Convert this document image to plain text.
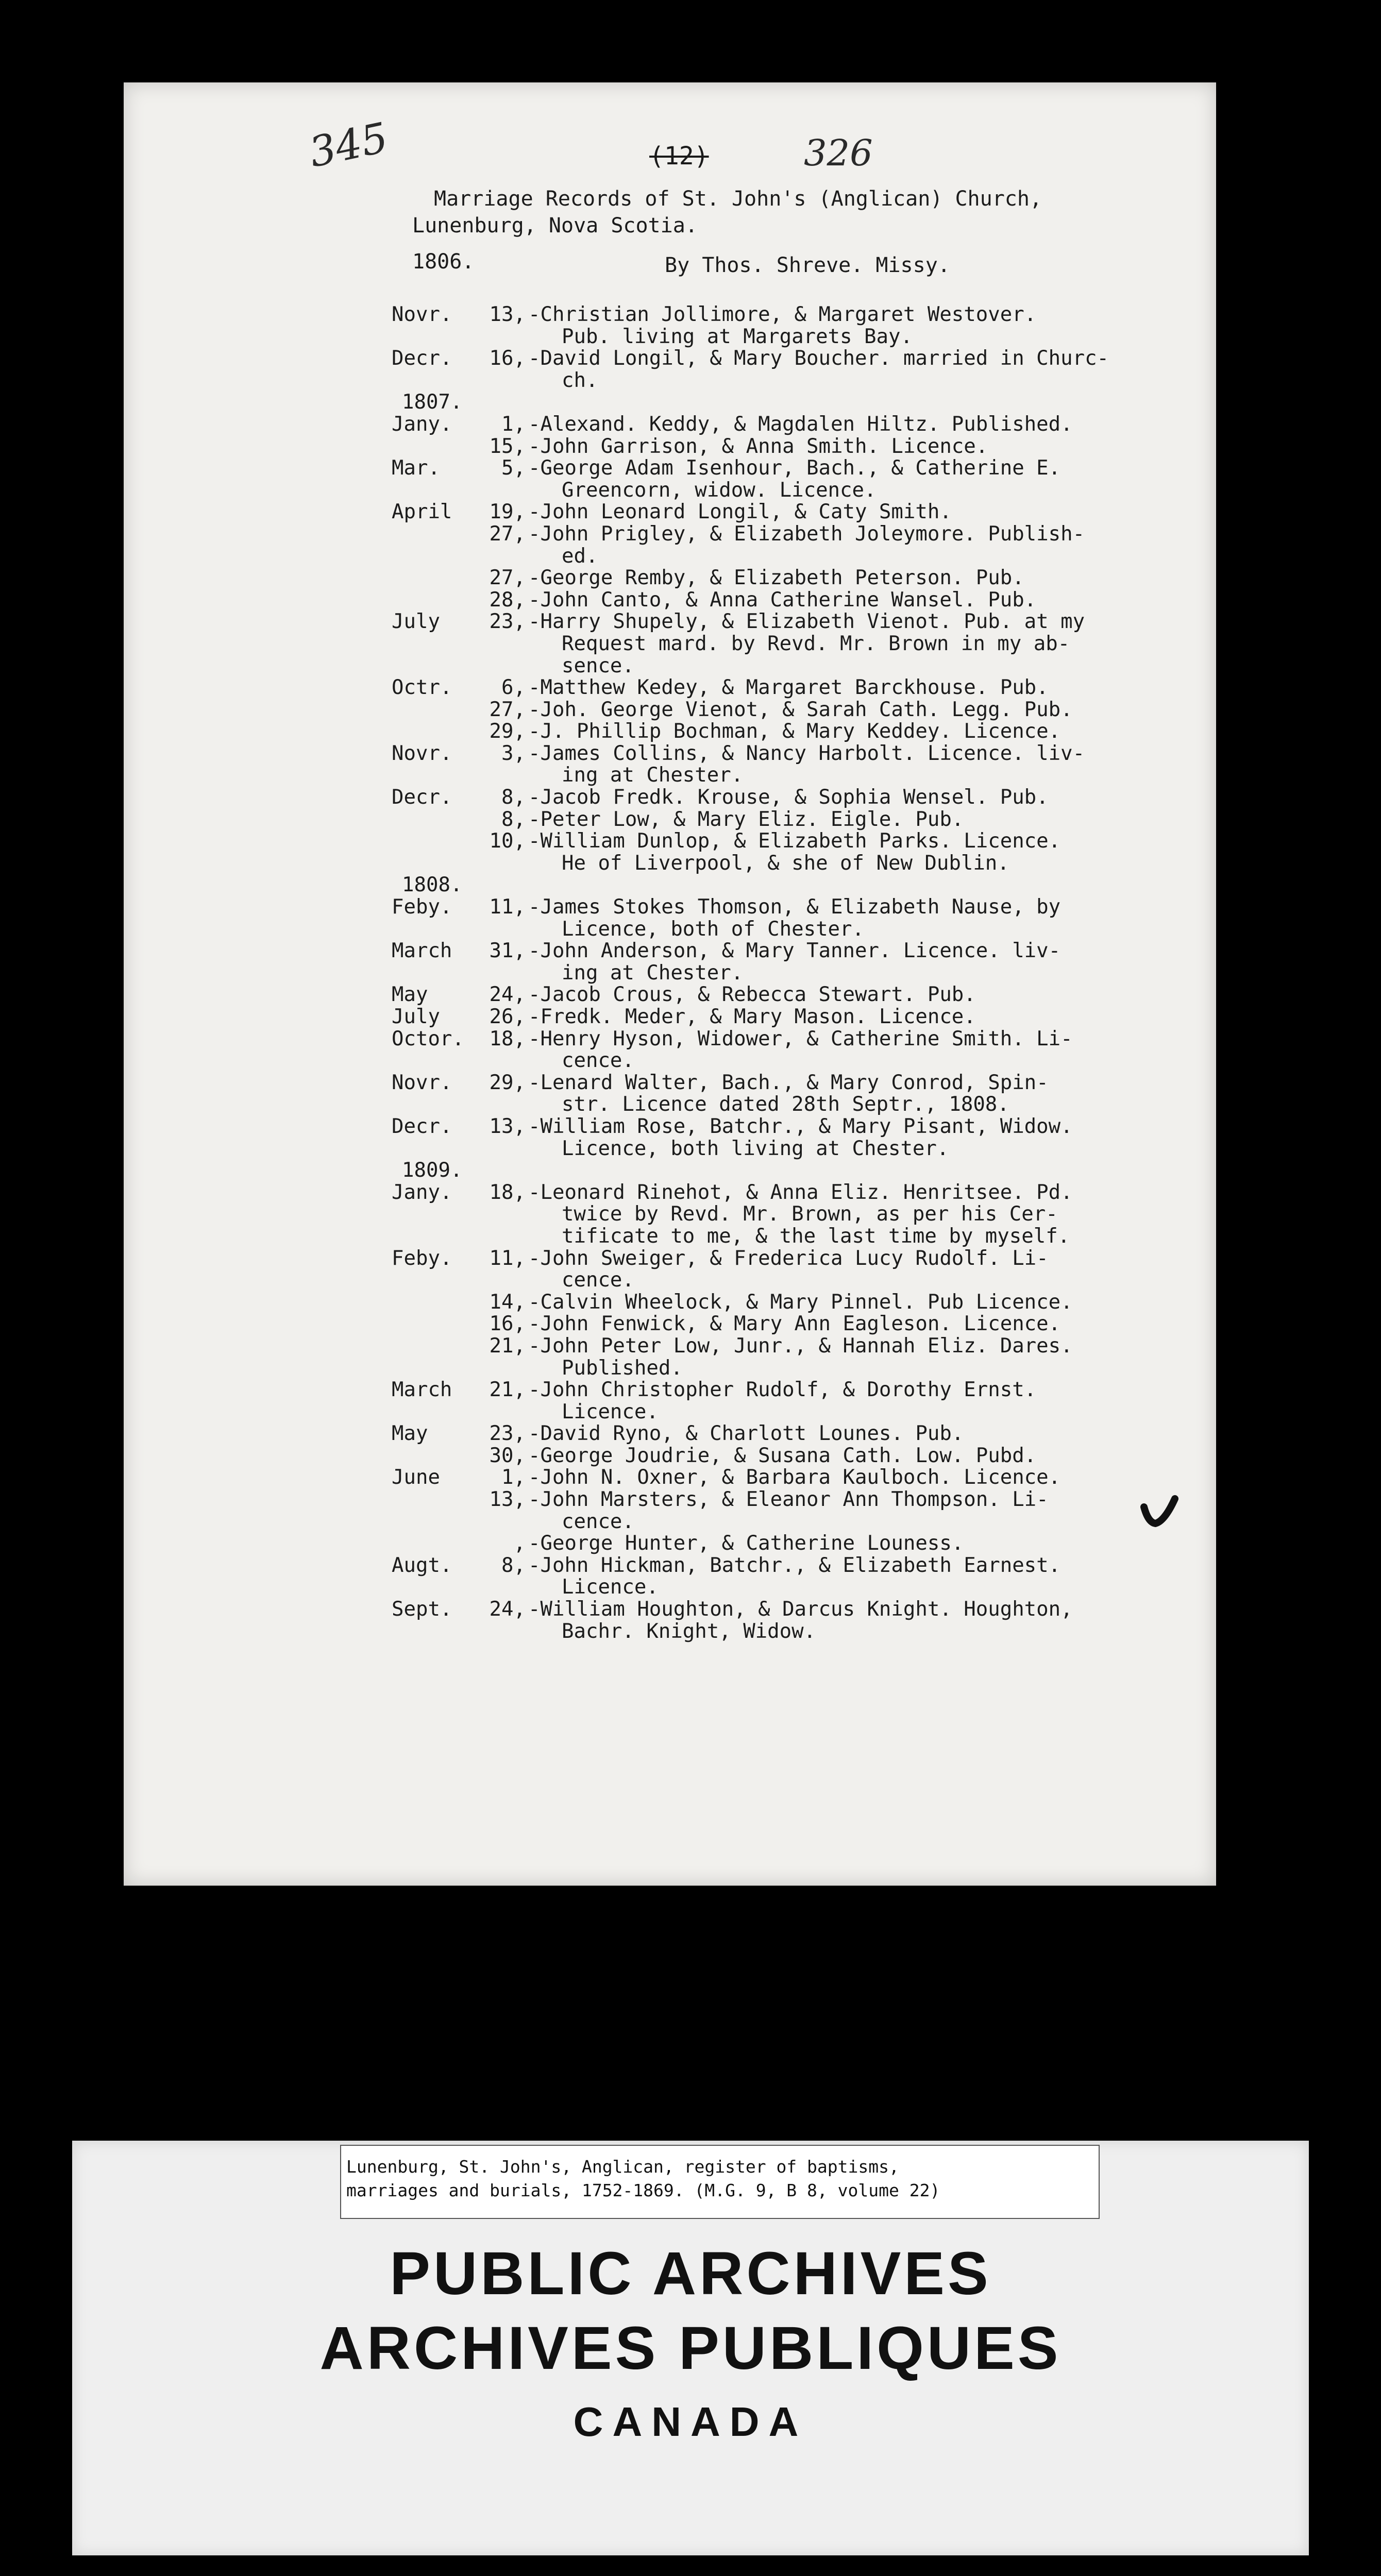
345	(12)	326
Marriage Records of St. John's (Anglican) Church,
Lunenburg, Nova Scotia.
1806.	By Thos. Shreve. Missy.
Novr. 13, -Christian Jollimore, & Margaret Westover.
Pub. living at Margarets Bay.
Decr. 16, -David Longil, & Mary Boucher. married in Churc-
ch.
1807.
Jany.	1, -Alexand. Keddy, & Magdalen Hiltz. Published.
15, -John Garrison, & Anna Smith. Licence.
Mar.	5, -George Adam Isenhour, Bach., & Catherine E.
Greencorn, widow. Licence.
April 19, -John Leonard Longil, & Caty Smith.
27, -John Prigley, & Elizabeth Joleymore. Publish-
ed.
27, -George Remby, & Elizabeth Peterson. Pub.
28, -John Canto, & Anna Catherine Wansel. Pub.
July 23, -Harry Shupely, & Elizabeth Vienot. Pub. at my
Request mard. by Revd. Mr. Brown in my ab-
sence.
Octr.	6, -Matthew Kedey, & Margaret Barckhouse. Pub.
27, -Joh. George Vienot, & Sarah Cath. Legg. Pub.
29, -J. Phillip Bochman, & Mary Keddey. Licence.
Novr.	3, -James Collins, & Nancy Harbolt. Licence. liv-
ing at Chester.
Decr.	8, -Jacob Fredk. Krouse, & Sophia Wensel. Pub.
8, -Peter Low, & Mary Eliz. Eigle. Pub.
10, -William Dunlop, & Elizabeth Parks. Licence.
He of Liverpool, & she of New Dublin.
1808.
Feby. 11, -James Stokes Thomson, & Elizabeth Nause, by
Licence, both of Chester.
March 31, -John Anderson, & Mary Tanner. Licence. liv-
ing at Chester.
May	24, -Jacob Crous, & Rebecca Stewart. Pub.
July 26, -Fredk. Meder, & Mary Mason. Licence.
Octor. 18, -Henry Hyson, Widower, & Catherine Smith. Li-
cence.
Novr. 29, -Lenard Walter, Bach., & Mary Conrod, Spin-
str. Licence dated 28th Septr., 1808.
Decr. 13, -William Rose, Batchr., & Mary Pisant, Widow.
Licence, both living at Chester.
1809.
Jany. 18, -Leonard Rinehot, & Anna Eliz. Henritsee. Pd.
twice by Revd. Mr. Brown, as per his Cer-
tificate to me, & the last time by myself.
Feby. 11, -John Sweiger, & Frederica Lucy Rudolf. Li-
cence.
14, -Calvin Wheelock, & Mary Pinnel. Pub Licence.
16, -John Fenwick, & Mary Ann Eagleson. Licence.
21, -John Peter Low, Junr., & Hannah Eliz. Dares.
Published.
March 21, -John Christopher Rudolf, & Dorothy Ernst.
Licence.
May	23, -David Ryno, & Charlott Lounes. Pub.
30, -George Joudrie, & Susana Cath. Low. Pubd.
June	1, -John N. Oxner, & Barbara Kaulboch. Licence.
13, -John Marsters, & Eleanor Ann Thompson. Li-
cence.
, -George Hunter, & Catherine Louness.
Augt.	8, -John Hickman, Batchr., & Elizabeth Earnest.
Licence.
Sept. 24, -William Houghton, & Darcus Knight. Houghton,
Bachr. Knight, Widow.
Lunenburg, St. John's, Anglican, register of baptisms,
marriages and burials, 1752-1869. (M.G. 9, B 8, volume 22)
PUBLIC ARCHIVES
ARCHIVES PUBLIQUES
CANADA
